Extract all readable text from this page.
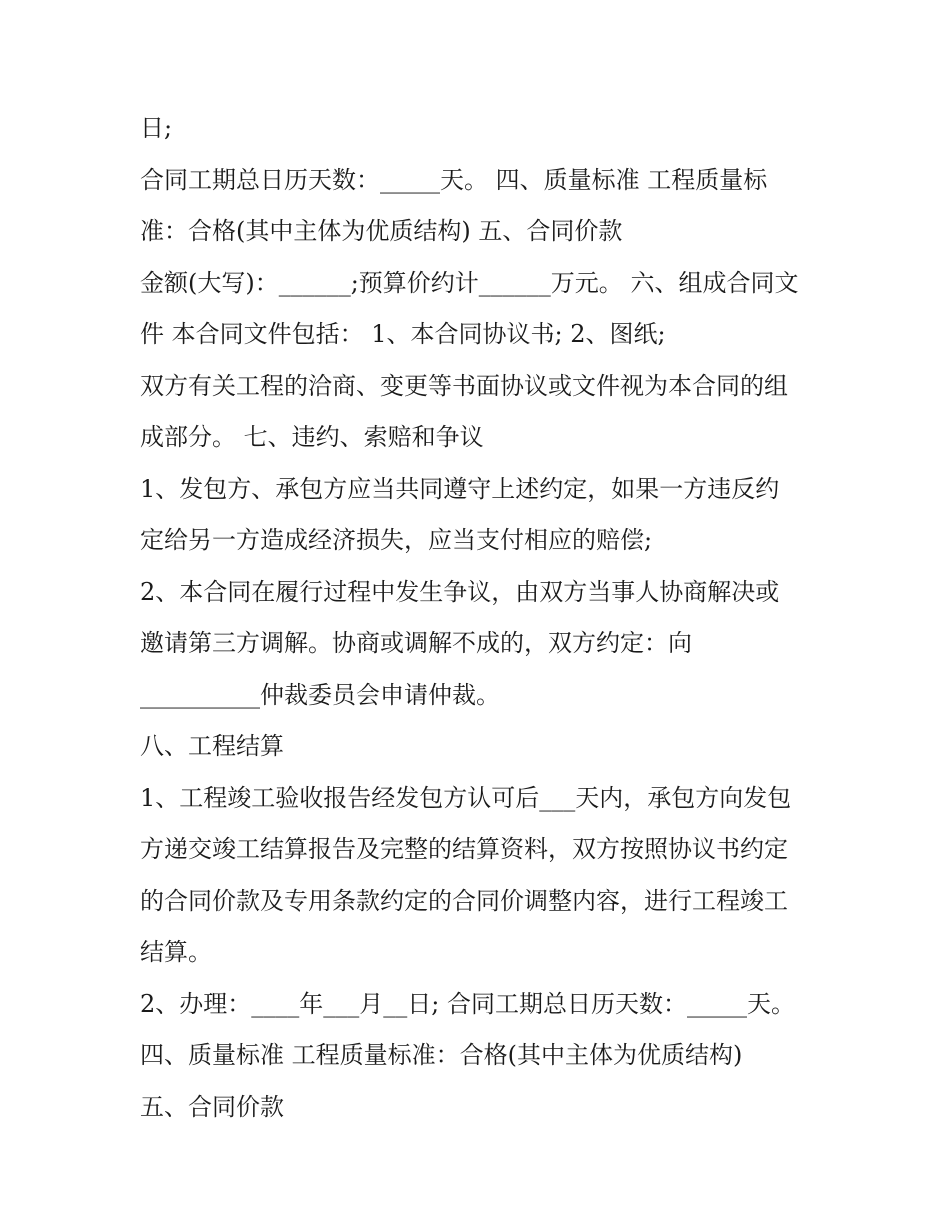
日;

合同工期总日历天数：_____天。 四、质量标准 工程质量标

准：合格(其中主体为优质结构) 五、合同价款

金额(大写)：______;预算价约计______万元。 六、组成合同文

件 本合同文件包括： 1、本合同协议书; 2、图纸;

双方有关工程的洽商、变更等书面协议或文件视为本合同的组

成部分。 七、违约、索赔和争议

1、发包方、承包方应当共同遵守上述约定，如果一方违反约

定给另一方造成经济损失，应当支付相应的赔偿;

2、本合同在履行过程中发生争议，由双方当事人协商解决或

邀请第三方调解。协商或调解不成的，双方约定：向

__________仲裁委员会申请仲裁。

八、工程结算

1、工程竣工验收报告经发包方认可后___天内，承包方向发包

方递交竣工结算报告及完整的结算资料，双方按照协议书约定

的合同价款及专用条款约定的合同价调整内容，进行工程竣工

结算。

2、办理：____年___月__日; 合同工期总日历天数：_____天。

四、质量标准 工程质量标准：合格(其中主体为优质结构)

五、合同价款
